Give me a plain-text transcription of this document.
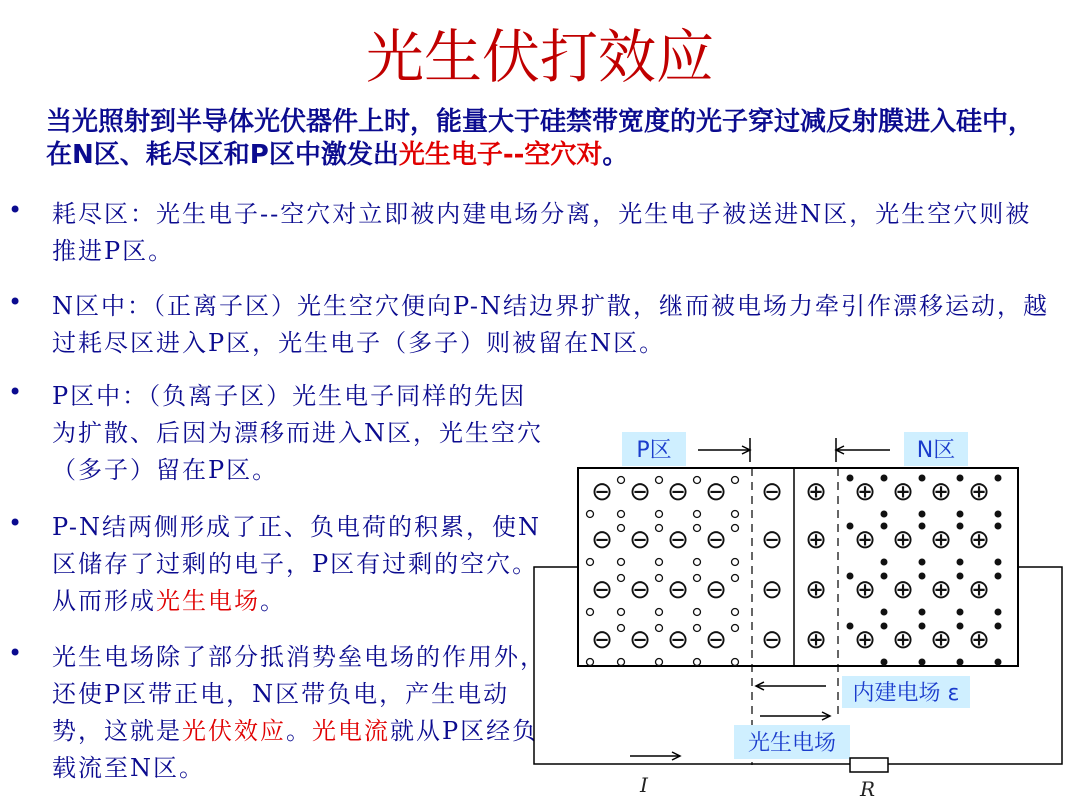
光生伏打效应
当光照射到半导体光伏器件上时，能量大于硅禁带宽度的光子穿过减反射膜进入硅中，在N区、耗尽区和P区中激发出光生电子--空穴对。
• 耗尽区：光生电子--空穴对立即被内建电场分离，光生电子被送进N区，光生空穴则被推进P区。
• N区中：（正离子区）光生空穴便向P-N结边界扩散，继而被电场力牵引作漂移运动，越过耗尽区进入P区，光生电子（多子）则被留在N区。
• P区中：（负离子区）光生电子同样的先因为扩散、后因为漂移而进入N区，光生空穴（多子）留在P区。
• P-N结两侧形成了正、负电荷的积累，使N区储存了过剩的电子，P区有过剩的空穴。从而形成光生电场。
• 光生电场除了部分抵消势垒电场的作用外，还使P区带正电，N区带负电，产生电动势，这就是光伏效应。光电流就从P区经负载流至N区。
P区	N区
⊖ ⊖ ⊖ ⊖
⊖ ⊖ ⊖ ⊖
⊖ ⊖ ⊖ ⊖
⊖ ⊖ ⊖ ⊖
⊖ ⊕
⊖ ⊕
⊖ ⊕
⊖ ⊕
⊕ ⊕ ⊕ ⊕
⊕ ⊕ ⊕ ⊕
⊕ ⊕ ⊕ ⊕
⊕ ⊕ ⊕ ⊕
内建电场 ε
光生电场
I	R
